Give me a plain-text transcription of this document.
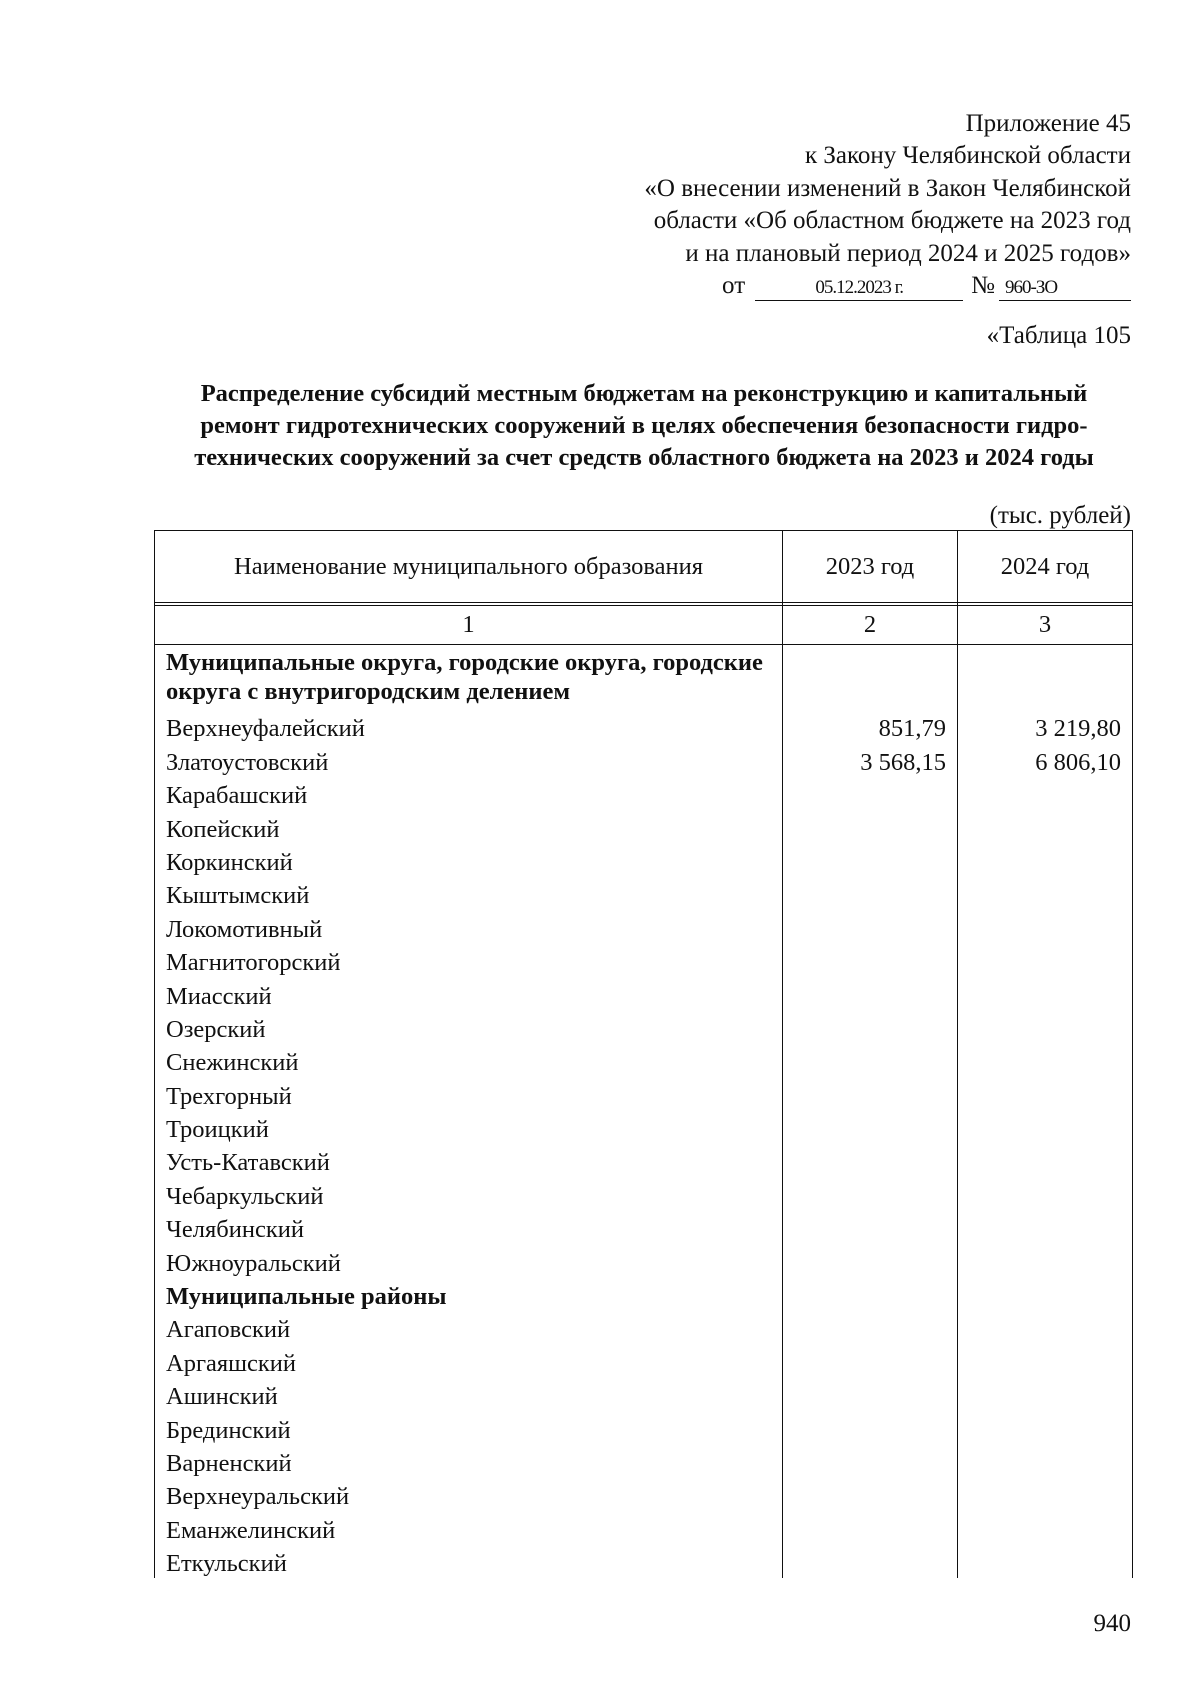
Приложение 45
к Закону Челябинской области
«О внесении изменений в Закон Челябинской
области «Об областном бюджете на 2023 год
и на плановый период 2024 и 2025 годов»
от	05.12.2023 г.	№ 960-ЗО
«Таблица 105
Распределение субсидий местным бюджетам на реконструкцию и капитальный
ремонт гидротехнических сооружений в целях обеспечения безопасности гидро-
технических сооружений за счет средств областного бюджета на 2023 и 2024 годы
(тыс. рублей)
Наименование муниципального образования	2023 год	2024 год

1	2	3
Муниципальные округа, городские округа, городские округа с внутригородским делением		
Верхнеуфалейский	851,79	3 219,80
Златоустовский	3 568,15	6 806,10
Карабашский		
Копейский		
Коркинский		
Кыштымский		
Локомотивный		
Магнитогорский		
Миасский		
Озерский		
Снежинский		
Трехгорный		
Троицкий		
Усть-Катавский		
Чебаркульский		
Челябинский		
Южноуральский		
Муниципальные районы		
Агаповский		
Аргаяшский		
Ашинский		
Брединский		
Варненский		
Верхнеуральский		
Еманжелинский		
Еткульский		
940
